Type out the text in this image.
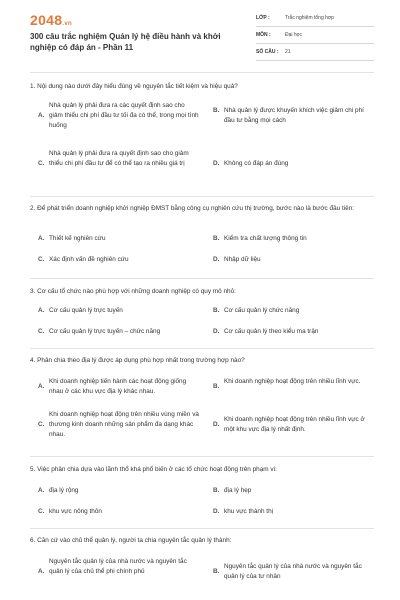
2048.vn
300 câu trắc nghiệm Quản lý hệ điều hành và khởi nghiệp có đáp án - Phần 11
LỚP :	Trắc nghiệm tổng hợp
MÔN :	Đại học
SỐ CÂU :	21
1. Nội dung nào dưới đây hiểu đúng về nguyên tắc tiết kiệm và hiệu quả?
A.
Nhà quản lý phải đưa ra các quyết định sao cho giảm thiểu chi phí đầu tư tối đa có thể, trong mọi tình huống
B. Nhà quản lý được khuyến khích việc giảm chi phí đầu tư bằng mọi cách
C.
Nhà quản lý phải đưa ra quyết định sao cho giảm thiểu chi phí đầu tư để có thể tạo ra nhiều giá trị	D. Không có đáp án đúng
2. Để phát triển doanh nghiệp khởi nghiệp ĐMST bằng công cụ nghiên cứu thị trường, bước nào là bước đầu tiên:
A. Thiết kế nghiên cứu	B. Kiểm tra chất lượng thông tin
C. Xác định vấn đề nghiên cứu	D. Nhập dữ liệu
3. Cơ cấu tổ chức nào phù hợp với những doanh nghiệp có quy mô nhỏ:
A. Cơ cấu quản lý trực tuyến	B. Cơ cấu quản lý chức năng
C. Cơ cấu quản lý trực tuyến – chức năng	D. Cơ cấu quản lý theo kiểu ma trận
4. Phân chia theo địa lý được áp dụng phù hợp nhất trong trường hợp nào?
A.
Khi doanh nghiệp tiến hành các hoạt động giống nhau ở các khu vực địa lý khác nhau.
B.
Khi doanh nghiệp hoạt động trên nhiều lĩnh vực.
C.
Khi doanh nghiệp hoạt động trên nhiều vùng miền và thương kinh doanh những sản phẩm đa dạng khác nhau.
D.
Khi doanh nghiệp hoạt động trên nhiều lĩnh vực ở một khu vực địa lý nhất định.
5. Việc phân chia dựa vào lãnh thổ khá phổ biến ở các tổ chức hoạt động trên phạm vi:
A. địa lý rộng	B. địa lý hẹp
C. khu vực nông thôn	D. khu vực thành thị
6. Căn cứ vào chủ thể quản lý, người ta chia nguyên tắc quản lý thành:
A.
Nguyên tắc quản lý của nhà nước và nguyên tắc quản lý của chủ thể phi chính phủ	B.
Nguyên tắc quản lý của nhà nước và nguyên tắc quản lý của tư nhân
